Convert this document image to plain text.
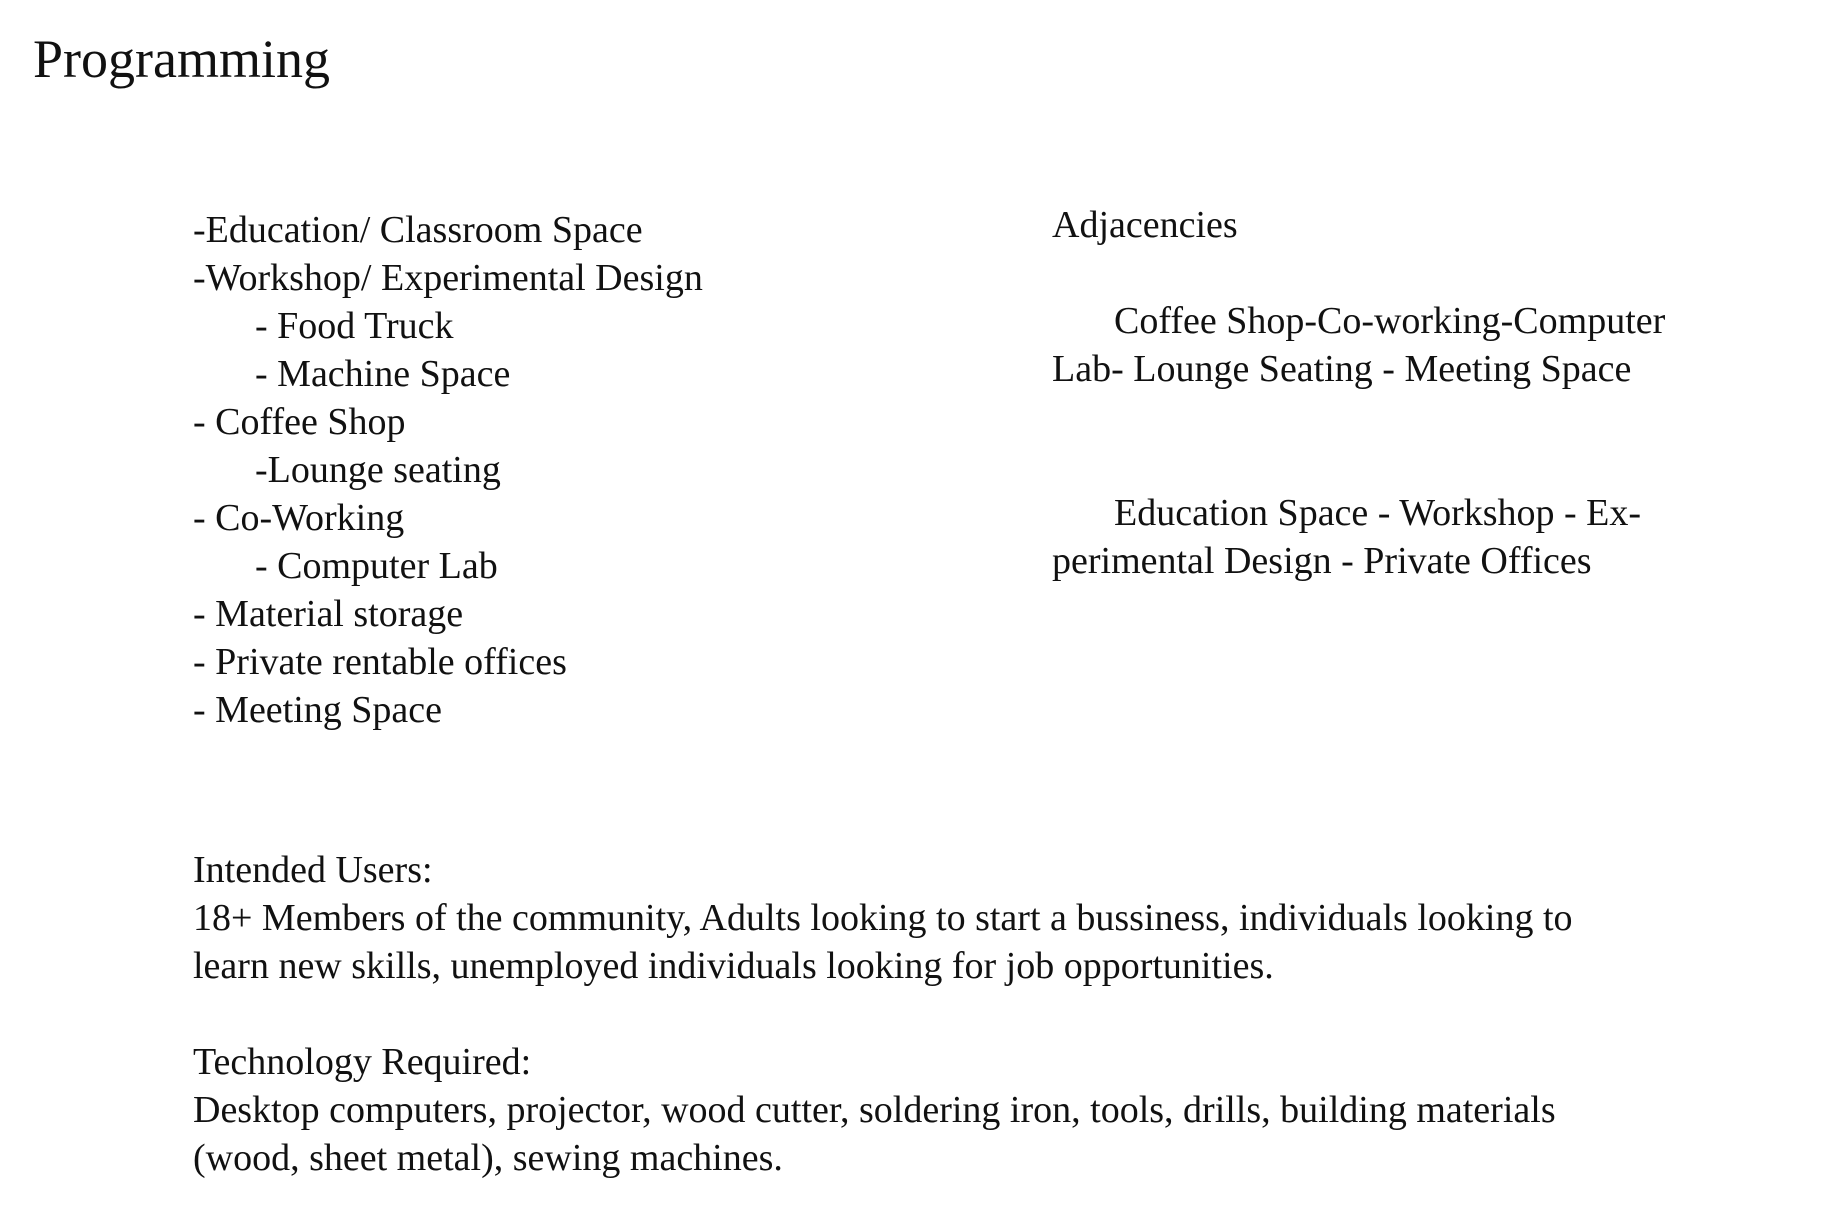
Programming
-Education/ Classroom Space
-Workshop/ Experimental Design
- Food Truck
- Machine Space
- Coffee Shop
-Lounge seating
- Co-Working
- Computer Lab
- Material storage
- Private rentable offices
- Meeting Space

Adjacencies

Coffee Shop-Co-working-Computer
Lab- Lounge Seating - Meeting Space
Education Space - Workshop - Ex-
perimental Design - Private Offices

Intended Users:

18+ Members of the community, Adults looking to start a bussiness, individuals looking to

learn new skills, unemployed individuals looking for job opportunities.

Technology Required:

Desktop computers, projector, wood cutter, soldering iron, tools, drills, building materials

(wood, sheet metal), sewing machines.
